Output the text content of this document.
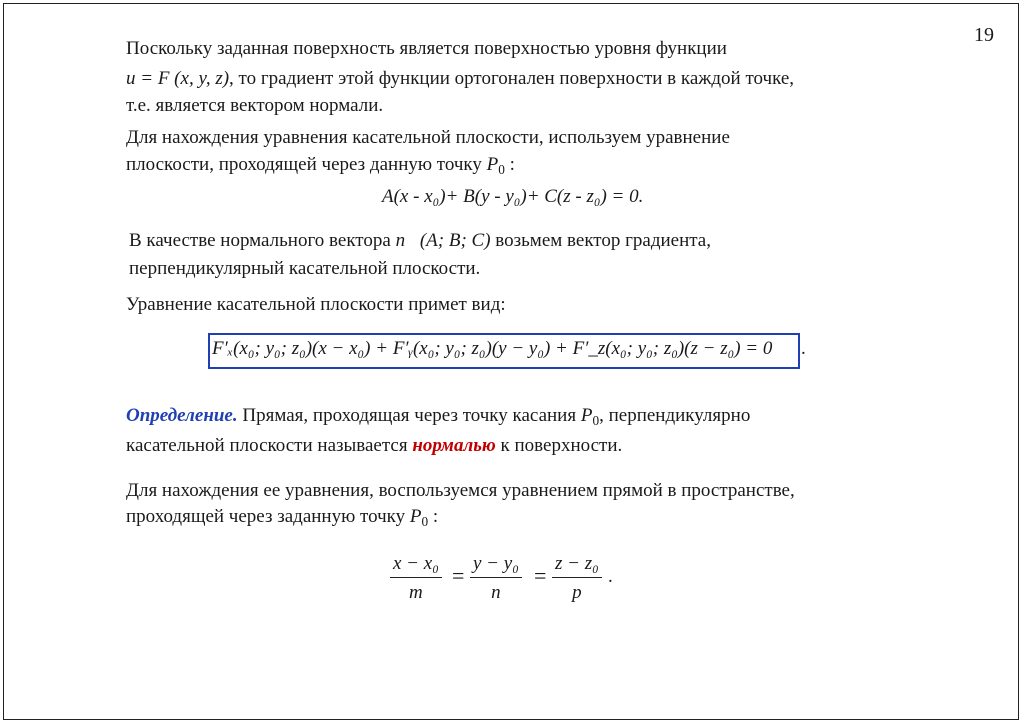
19
Поскольку заданная поверхность является поверхностью уровня функции
u = F (x, y, z), то градиент этой функции ортогонален поверхности в каждой точке,
т.е. является вектором нормали.
Для нахождения уравнения касательной плоскости, используем уравнение
плоскости, проходящей через данную точку $P_0$ :
A(x - x₀)+ B(y - y₀)+ C(z - z₀) = 0.
В качестве нормального вектора n⃗(A; B; C) возьмем вектор градиента,
перпендикулярный касательной плоскости.
Уравнение касательной плоскости примет вид:
F′ₓ(x₀; y₀; z₀)(x − x₀) + F′ᵧ(x₀; y₀; z₀)(y − y₀) + F′_z(x₀; y₀; z₀)(z − z₀) = 0 .
Определение. Прямая, проходящая через точку касания $P_0$, перпендикулярно
касательной плоскости называется нормалью к поверхности.
Для нахождения ее уравнения, воспользуемся уравнением прямой в пространстве,
проходящей через заданную точку $P_0$ :
$\frac{\text{x − x₀}}{m} = \frac{\text{y − y₀}}{n} = \frac{\text{z − z₀}}{p}$ .
